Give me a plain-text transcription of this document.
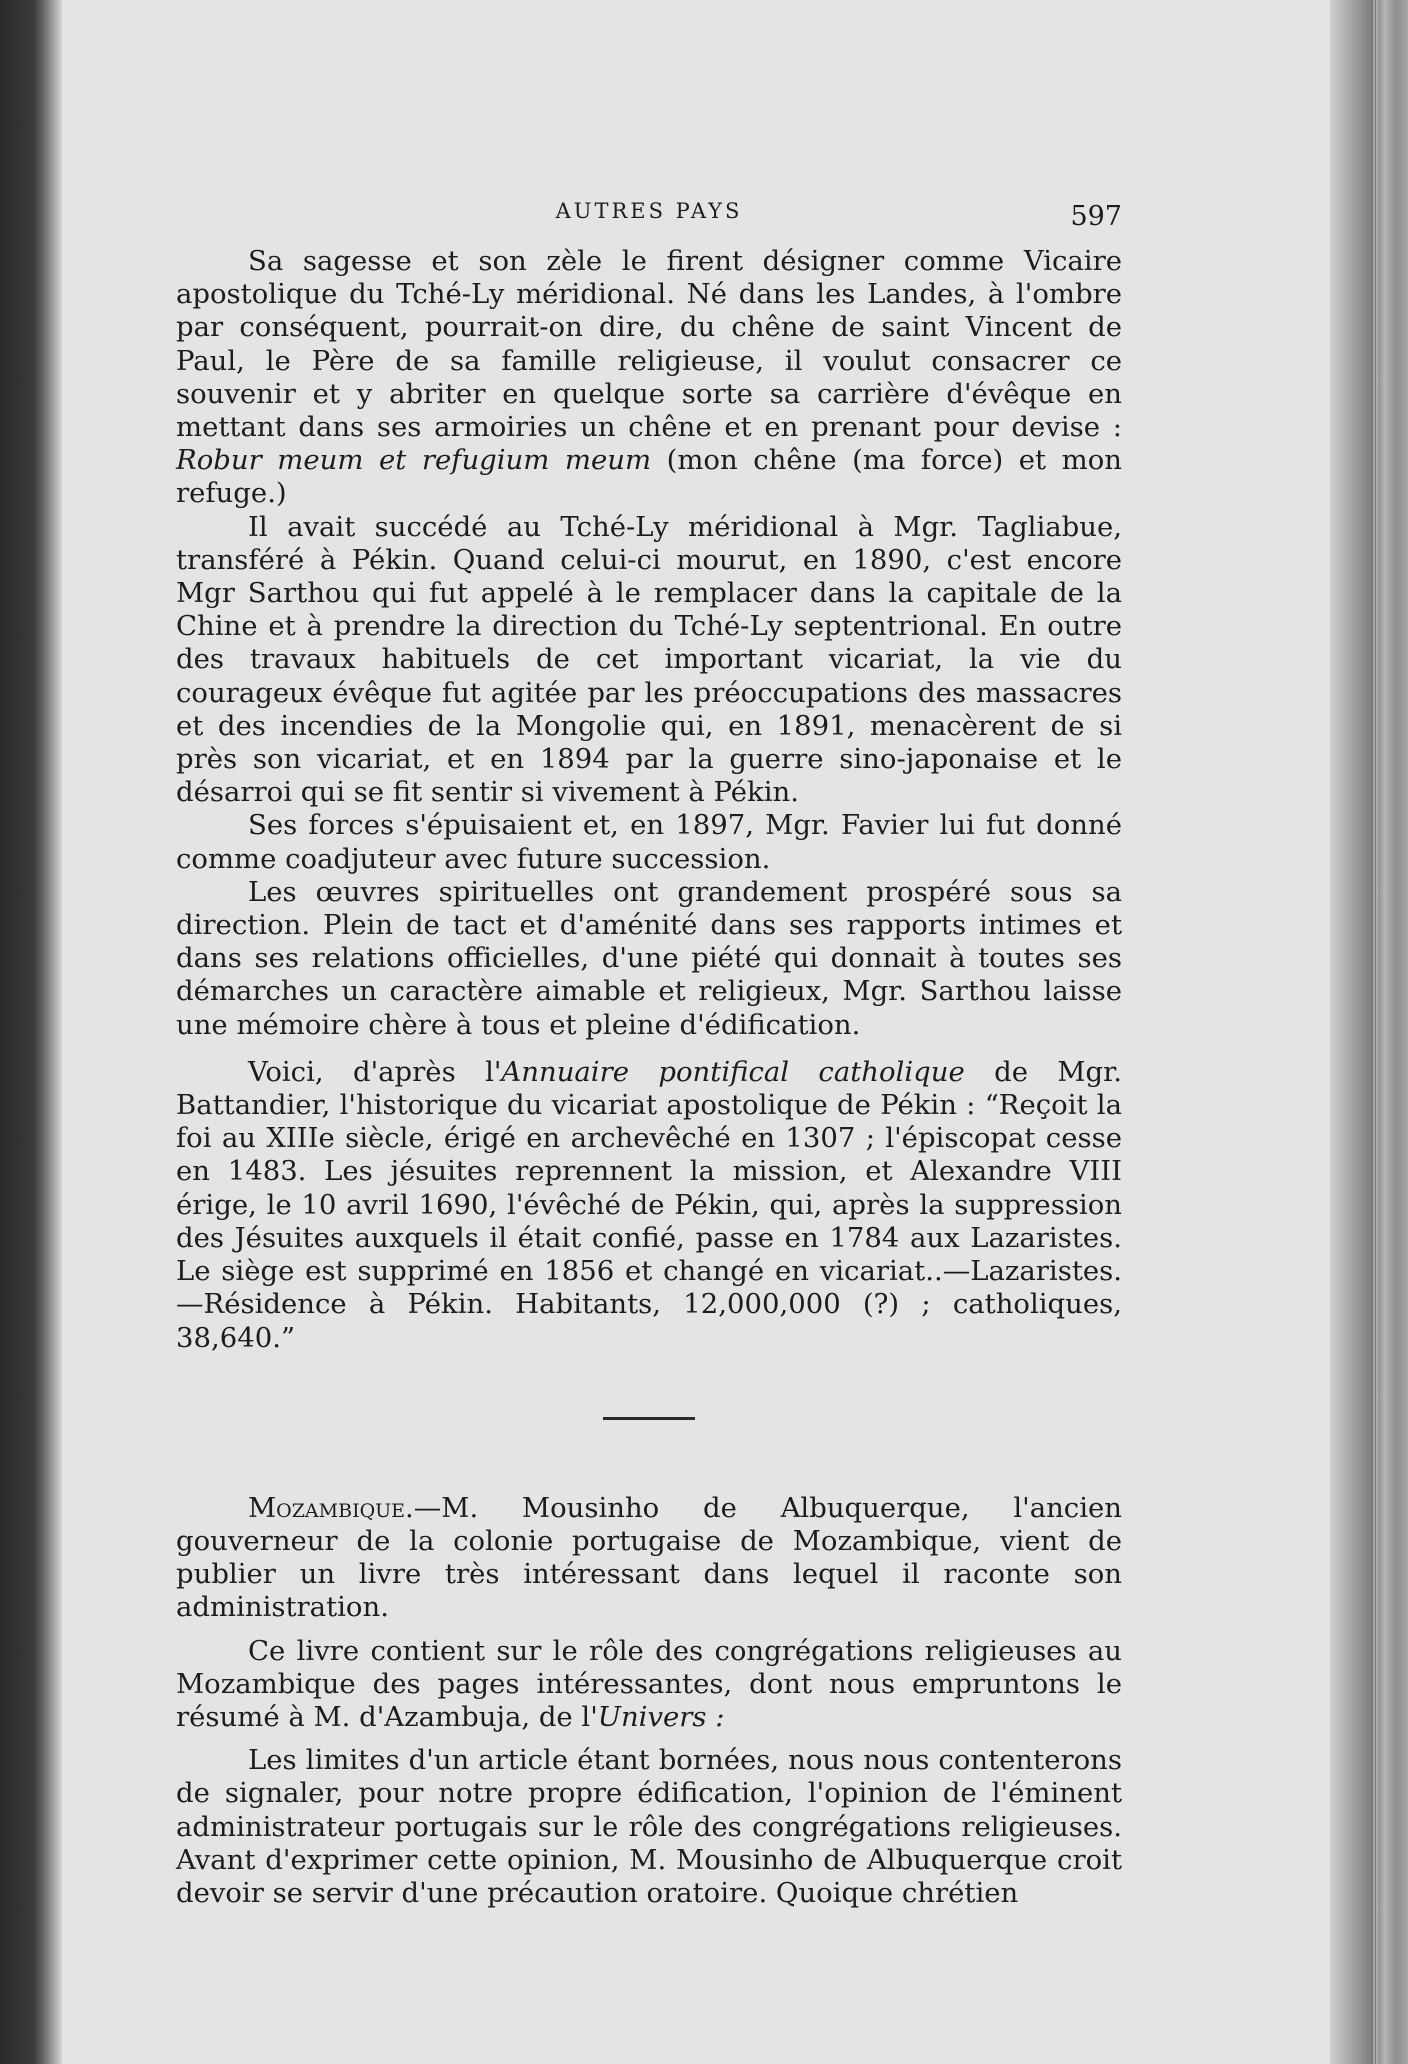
AUTRES PAYS	597

Sa sagesse et son zèle le firent désigner comme Vicaire apostolique du Tché-Ly méridional. Né dans les Landes, à l'ombre par conséquent, pourrait-on dire, du chêne de saint Vincent de Paul, le Père de sa famille religieuse, il voulut consacrer ce souvenir et y abriter en quelque sorte sa carrière d'évêque en mettant dans ses armoiries un chêne et en prenant pour devise : Robur meum et refugium meum (mon chêne (ma force) et mon refuge.)

Il avait succédé au Tché-Ly méridional à Mgr. Tagliabue, transféré à Pékin. Quand celui-ci mourut, en 1890, c'est encore Mgr Sarthou qui fut appelé à le remplacer dans la capitale de la Chine et à prendre la direction du Tché-Ly septentrional. En outre des travaux habituels de cet important vicariat, la vie du courageux évêque fut agitée par les préoccupations des massacres et des incendies de la Mongolie qui, en 1891, menacèrent de si près son vicariat, et en 1894 par la guerre sino-japonaise et le désarroi qui se fit sentir si vivement à Pékin.

Ses forces s'épuisaient et, en 1897, Mgr. Favier lui fut donné comme coadjuteur avec future succession.

Les œuvres spirituelles ont grandement prospéré sous sa direction. Plein de tact et d'aménité dans ses rapports intimes et dans ses relations officielles, d'une piété qui donnait à toutes ses démarches un caractère aimable et religieux, Mgr. Sarthou laisse une mémoire chère à tous et pleine d'édification.

Voici, d'après l'Annuaire pontifical catholique de Mgr. Battandier, l'historique du vicariat apostolique de Pékin : “Reçoit la foi au XIIIe siècle, érigé en archevêché en 1307 ; l'épiscopat cesse en 1483. Les jésuites reprennent la mission, et Alexandre VIII érige, le 10 avril 1690, l'évêché de Pékin, qui, après la suppression des Jésuites auxquels il était confié, passe en 1784 aux Lazaristes. Le siège est supprimé en 1856 et changé en vicariat..—Lazaristes.—Résidence à Pékin. Habitants, 12,000,000 (?) ; catholiques, 38,640.”

Mozambique.—M. Mousinho de Albuquerque, l'ancien gouverneur de la colonie portugaise de Mozambique, vient de publier un livre très intéressant dans lequel il raconte son administration.

Ce livre contient sur le rôle des congrégations religieuses au Mozambique des pages intéressantes, dont nous empruntons le résumé à M. d'Azambuja, de l'Univers :

Les limites d'un article étant bornées, nous nous contenterons de signaler, pour notre propre édification, l'opinion de l'éminent administrateur portugais sur le rôle des congrégations religieuses. Avant d'exprimer cette opinion, M. Mousinho de Albuquerque croit devoir se servir d'une précaution oratoire. Quoique chrétien
